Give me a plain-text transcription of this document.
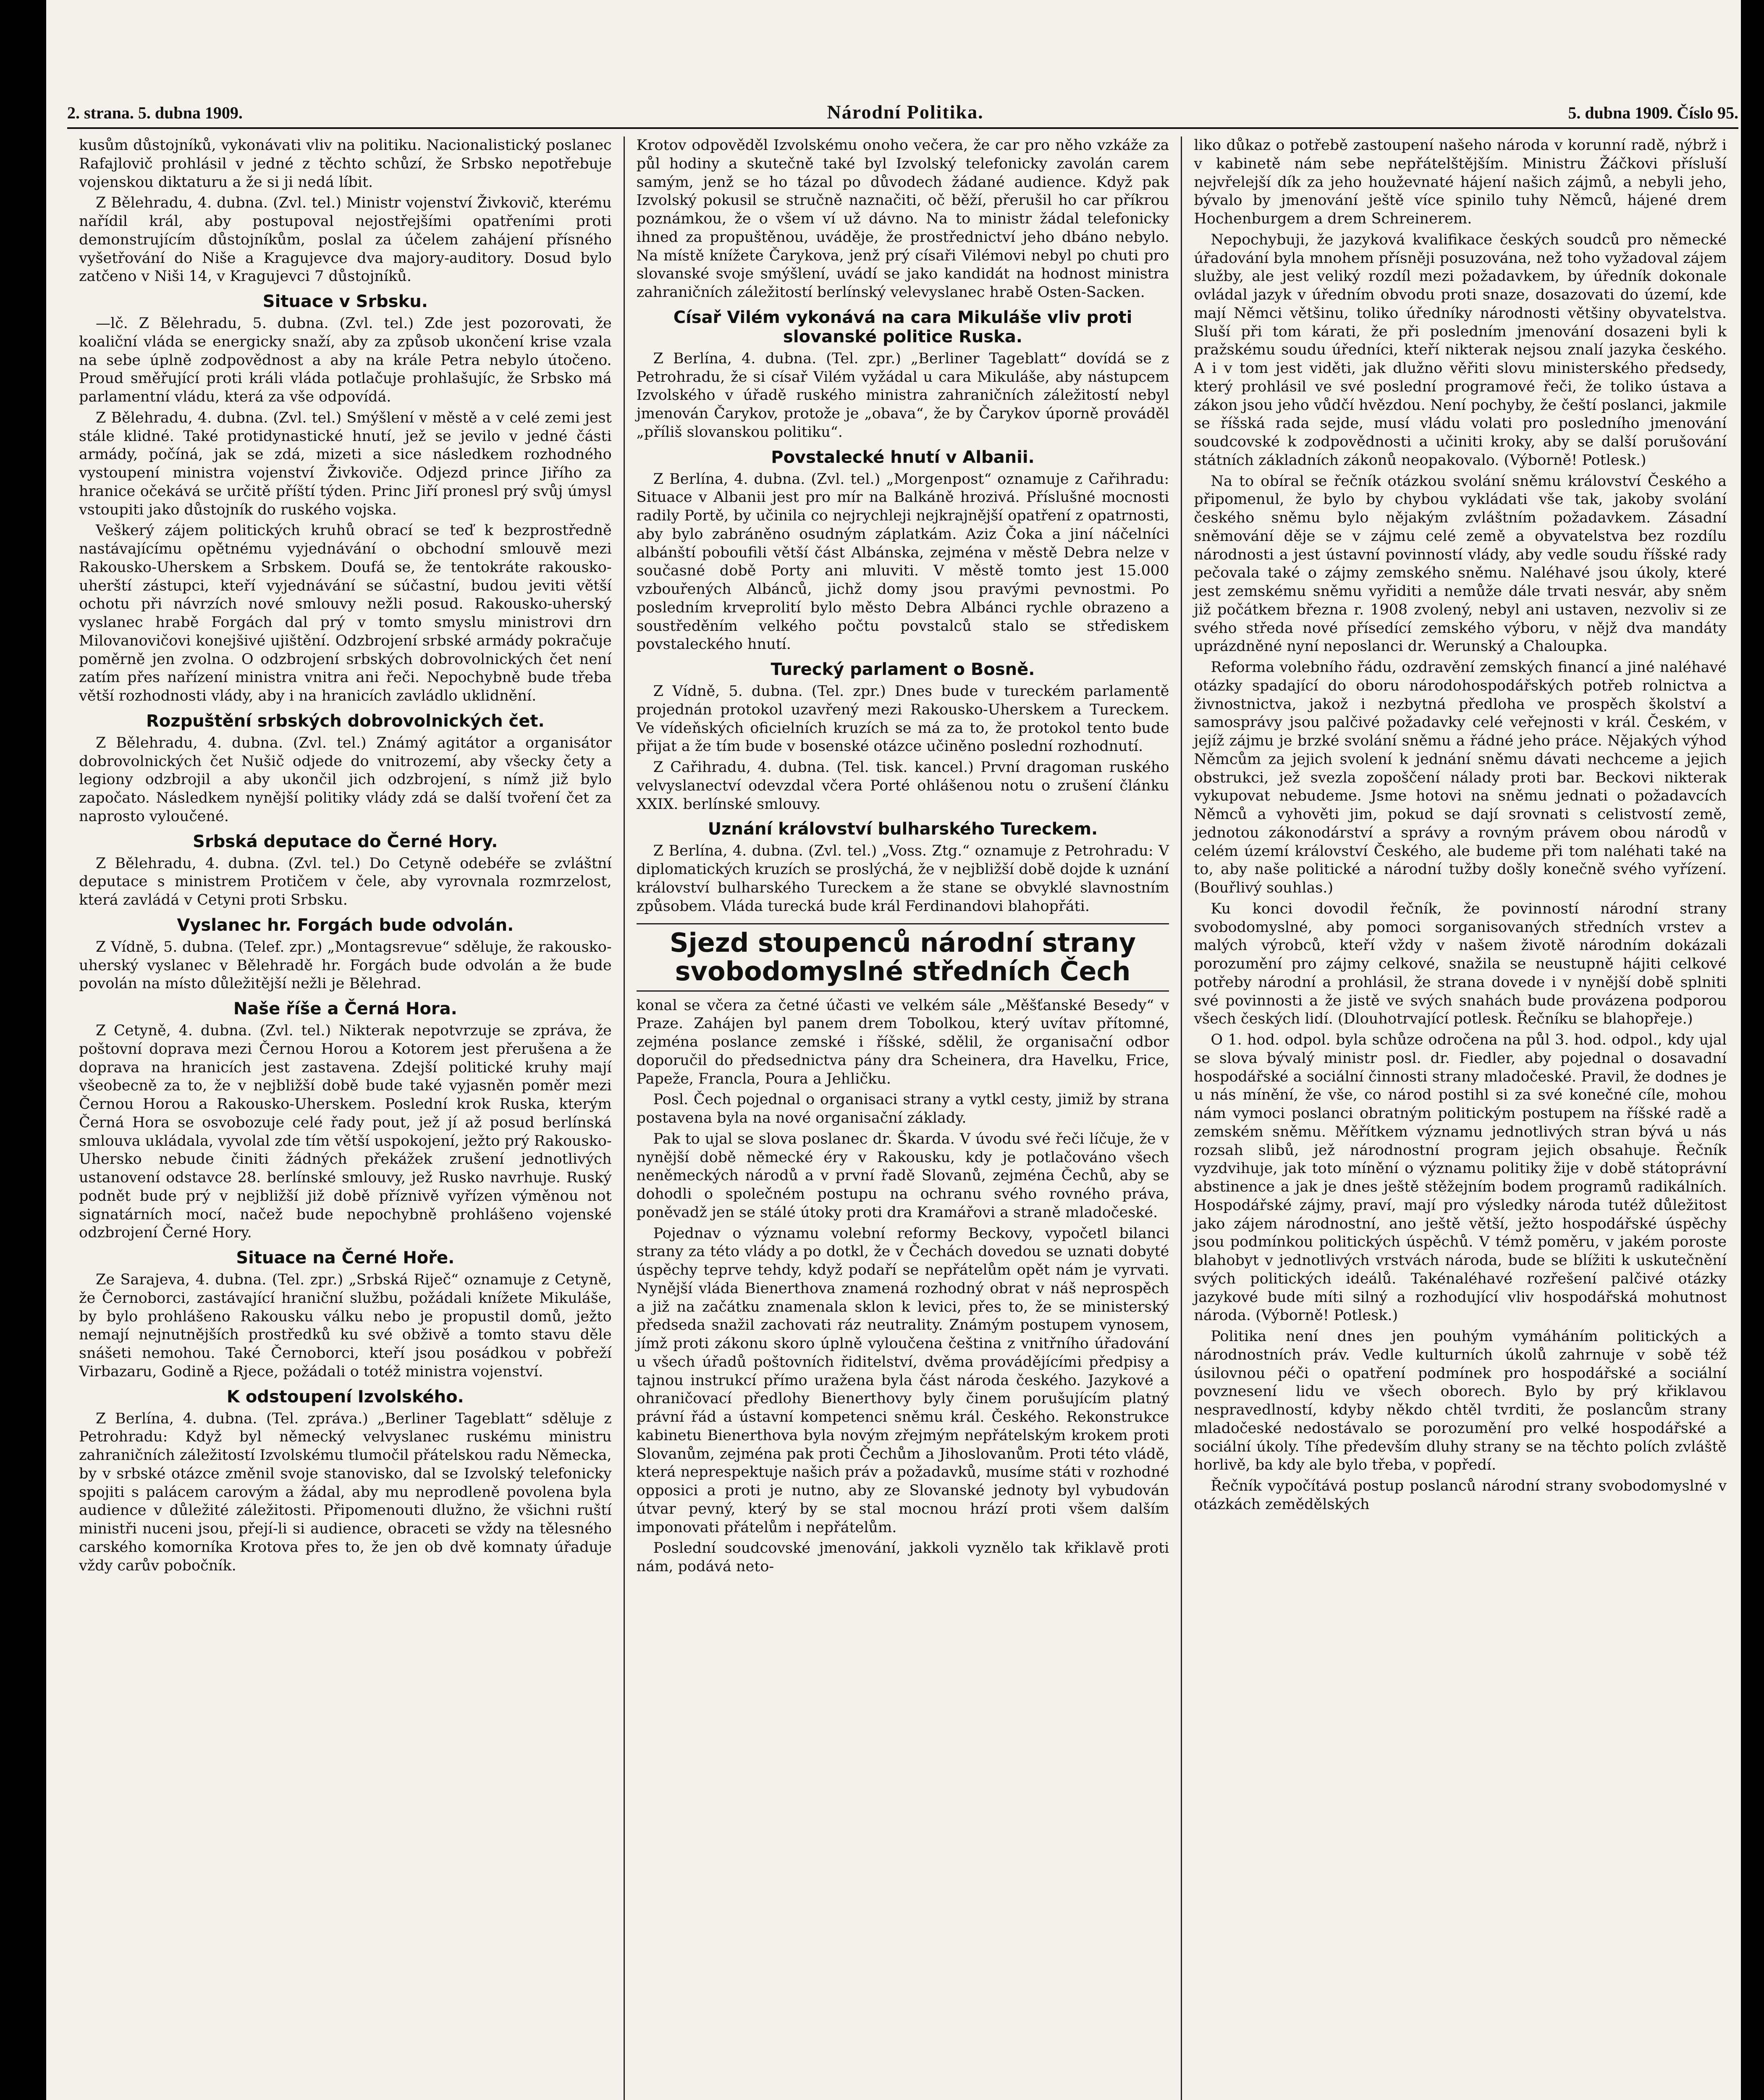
2. strana. 5. dubna 1909.	Národní Politika.	5. dubna 1909. Číslo 95.

kusům důstojníků, vykonávati vliv na politiku. Nacionalistický poslanec Rafajlovič prohlásil v jedné z těchto schůzí, že Srbsko nepotřebuje vojenskou diktaturu a že si ji nedá líbit.

Z Bělehradu, 4. dubna. (Zvl. tel.) Ministr vojenství Živkovič, kterému nařídil král, aby postupoval nejostřejšími opatřeními proti demonstrujícím důstojníkům, poslal za účelem zahájení přísného vyšetřování do Niše a Kragujevce dva majory-auditory. Dosud bylo zatčeno v Niši 14, v Kragujevci 7 důstojníků.

Situace v Srbsku.

—lč. Z Bělehradu, 5. dubna. (Zvl. tel.) Zde jest pozorovati, že koaliční vláda se energicky snaží, aby za způsob ukončení krise vzala na sebe úplně zodpovědnost a aby na krále Petra nebylo útočeno. Proud směřující proti králi vláda potlačuje prohlašujíc, že Srbsko má parlamentní vládu, která za vše odpovídá.

Z Bělehradu, 4. dubna. (Zvl. tel.) Smýšlení v městě a v celé zemi jest stále klidné. Také protidynastické hnutí, jež se jevilo v jedné části armády, počíná, jak se zdá, mizeti a sice následkem rozhodného vystoupení ministra vojenství Živkoviče. Odjezd prince Jiřího za hranice očekává se určitě příští týden. Princ Jiří pronesl prý svůj úmysl vstoupiti jako důstojník do ruského vojska.

Veškerý zájem politických kruhů obrací se teď k bezprostředně nastávajícímu opětnému vyjednávání o obchodní smlouvě mezi Rakousko-Uherskem a Srbskem. Doufá se, že tentokráte rakousko-uherští zástupci, kteří vyjednávání se súčastní, budou jeviti větší ochotu při návrzích nové smlouvy nežli posud. Rakousko-uherský vyslanec hrabě Forgách dal prý v tomto smyslu ministrovi drn Milovanovičovi konejšivé ujištění. Odzbrojení srbské armády pokračuje poměrně jen zvolna. O odzbrojení srbských dobrovolnických čet není zatím přes nařízení ministra vnitra ani řeči. Nepochybně bude třeba větší rozhodnosti vlády, aby i na hranicích zavládlo uklidnění.

Rozpuštění srbských dobrovolnických čet.

Z Bělehradu, 4. dubna. (Zvl. tel.) Známý agitátor a organisátor dobrovolnických čet Nušič odjede do vnitrozemí, aby všecky čety a legiony odzbrojil a aby ukončil jich odzbrojení, s nímž již bylo započato. Následkem nynější politiky vlády zdá se další tvoření čet za naprosto vyloučené.

Srbská deputace do Černé Hory.

Z Bělehradu, 4. dubna. (Zvl. tel.) Do Cetyně odebéře se zvláštní deputace s ministrem Protičem v čele, aby vyrovnala rozmrzelost, která zavládá v Cetyni proti Srbsku.

Vyslanec hr. Forgách bude odvolán.

Z Vídně, 5. dubna. (Telef. zpr.) „Montagsrevue“ sděluje, že rakousko-uherský vyslanec v Bělehradě hr. Forgách bude odvolán a že bude povolán na místo důležitější nežli je Bělehrad.

Naše říše a Černá Hora.

Z Cetyně, 4. dubna. (Zvl. tel.) Nikterak nepotvrzuje se zpráva, že poštovní doprava mezi Černou Horou a Kotorem jest přerušena a že doprava na hranicích jest zastavena. Zdejší politické kruhy mají všeobecně za to, že v nejbližší době bude také vyjasněn poměr mezi Černou Horou a Rakousko-Uherskem. Poslední krok Ruska, kterým Černá Hora se osvobozuje celé řady pout, jež jí až posud berlínská smlouva ukládala, vyvolal zde tím větší uspokojení, ježto prý Rakousko-Uhersko nebude činiti žádných překážek zrušení jednotlivých ustanovení odstavce 28. berlínské smlouvy, jež Rusko navrhuje. Ruský podnět bude prý v nejbližší již době příznivě vyřízen výměnou not signatárních mocí, načež bude nepochybně prohlášeno vojenské odzbrojení Černé Hory.

Situace na Černé Hoře.

Ze Sarajeva, 4. dubna. (Tel. zpr.) „Srbská Riječ“ oznamuje z Cetyně, že Černoborci, zastávající hraniční službu, požádali knížete Mikuláše, by bylo prohlášeno Rakousku válku nebo je propustil domů, ježto nemají nejnutnějších prostředků ku své obživě a tomto stavu děle snášeti nemohou. Také Černoborci, kteří jsou posádkou v pobřeží Virbazaru, Godině a Rjece, požádali o totéž ministra vojenství.

K odstoupení Izvolského.

Z Berlína, 4. dubna. (Tel. zpráva.) „Berliner Tageblatt“ sděluje z Petrohradu: Když byl německý velvyslanec ruskému ministru zahraničních záležitostí Izvolskému tlumočil přátelskou radu Německa, by v srbské otázce změnil svoje stanovisko, dal se Izvolský telefonicky spojiti s palácem carovým a žádal, aby mu neprodleně povolena byla audience v důležité záležitosti. Připomenouti dlužno, že všichni ruští ministři nuceni jsou, přejí-li si audience, obraceti se vždy na tělesného carského komorníka Krotova přes to, že jen ob dvě komnaty úřaduje vždy carův pobočník.

Krotov odpověděl Izvolskému onoho večera, že car pro něho vzkáže za půl hodiny a skutečně také byl Izvolský telefonicky zavolán carem samým, jenž se ho tázal po důvodech žádané audience. Když pak Izvolský pokusil se stručně naznačiti, oč běží, přerušil ho car příkrou poznámkou, že o všem ví už dávno. Na to ministr žádal telefonicky ihned za propuštěnou, uváděje, že prostřednictví jeho dbáno nebylo. Na místě knížete Čarykova, jenž prý císaři Vilémovi nebyl po chuti pro slovanské svoje smýšlení, uvádí se jako kandidát na hodnost ministra zahraničních záležitostí berlínský velevyslanec hrabě Osten-Sacken.

Císař Vilém vykonává na cara Mikuláše vliv proti slovanské politice Ruska.

Z Berlína, 4. dubna. (Tel. zpr.) „Berliner Tageblatt“ dovídá se z Petrohradu, že si císař Vilém vyžádal u cara Mikuláše, aby nástupcem Izvolského v úřadě ruského ministra zahraničních záležitostí nebyl jmenován Čarykov, protože je „obava“, že by Čarykov úporně prováděl „příliš slovanskou politiku“.

Povstalecké hnutí v Albanii.

Z Berlína, 4. dubna. (Zvl. tel.) „Morgenpost“ oznamuje z Cařihradu: Situace v Albanii jest pro mír na Balkáně hrozivá. Příslušné mocnosti radily Portě, by učinila co nejrychleji nejkrajnější opatření z opatrnosti, aby bylo zabráněno osudným záplatkám. Aziz Čoka a jiní náčelníci albánští poboufili větší část Albánska, zejména v městě Debra nelze v současné době Porty ani mluviti. V městě tomto jest 15.000 vzbouřených Albánců, jichž domy jsou pravými pevnostmi. Po posledním krveprolití bylo město Debra Albánci rychle obrazeno a soustředěním velkého počtu povstalců stalo se střediskem povstaleckého hnutí.

Turecký parlament o Bosně.

Z Vídně, 5. dubna. (Tel. zpr.) Dnes bude v tureckém parlamentě projednán protokol uzavřený mezi Rakousko-Uherskem a Tureckem. Ve vídeňských oficielních kruzích se má za to, že protokol tento bude přijat a že tím bude v bosenské otázce učiněno poslední rozhodnutí.

Z Cařihradu, 4. dubna. (Tel. tisk. kancel.) První dragoman ruského velvyslanectví odevzdal včera Porté ohlášenou notu o zrušení článku XXIX. berlínské smlouvy.

Uznání království bulharského Tureckem.

Z Berlína, 4. dubna. (Zvl. tel.) „Voss. Ztg.“ oznamuje z Petrohradu: V diplomatických kruzích se proslýchá, že v nejbližší době dojde k uznání království bulharského Tureckem a že stane se obvyklé slavnostním způsobem. Vláda turecká bude král Ferdinandovi blahopřáti.

Sjezd stoupenců národní strany svobodomyslné středních Čech

konal se včera za četné účasti ve velkém sále „Měšťanské Besedy“ v Praze. Zahájen byl panem drem Tobolkou, který uvítav přítomné, zejména poslance zemské i říšské, sdělil, že organisační odbor doporučil do předsednictva pány drа Scheinera, dra Havelku, Frice, Papeže, Francla, Poura a Jehličku.

Posl. Čech pojednal o organisaci strany a vytkl cesty, jimiž by strana postavena byla na nové organisační základy.

Pak to ujal se slova poslanec dr. Škarda. V úvodu své řeči líčuje, že v nynější době německé éry v Rakousku, kdy je potlačováno všech neněmeckých národů a v první řadě Slovanů, zejména Čechů, aby se dohodli o společném postupu na ochranu svého rovného práva, poněvadž jen se stálé útoky proti dra Kramářovi a straně mladočeské.

Pojednav o významu volební reformy Beckovy, vypočetl bilanci strany za této vlády a po dotkl, že v Čechách dovedou se uznati dobyté úspěchy teprve tehdy, když podaří se nepřátelům opět nám je vyrvati. Nynější vláda Bienerthova znamená rozhodný obrat v náš neprospěch a již na začátku znamenala sklon k levici, přes to, že se ministerský předseda snažil zachovati ráz neutrality. Známým postupem vynosem, jímž proti zákonu skoro úplně vyloučena čeština z vnitřního úřadování u všech úřadů poštovních řiditelství, dvěma provádějícími předpisy a tajnou instrukcí přímo uražena byla část národa českého. Jazykové a ohraničovací předlohy Bienerthovy byly činem porušujícím platný právní řád a ústavní kompetenci sněmu král. Českého. Rekonstrukce kabinetu Bienerthova byla novým zřejmým nepřátelským krokem proti Slovanům, zejména pak proti Čechům a Jihoslovanům. Proti této vládě, která neprespektuje našich práv a požadavků, musíme státi v rozhodné opposici a proti je nutno, aby ze Slovanské jednoty byl vybudován útvar pevný, který by se stal mocnou hrází proti všem dalším imponovati přátelům i nepřátelům.

Poslední soudcovské jmenování, jakkoli vyznělo tak křiklavě proti nám, podává neto-

liko důkaz o potřebě zastoupení našeho národa v korunní radě, nýbrž i v kabinetě nám sebe nepřátelštějším. Ministru Žáčkovi přísluší nejvřelejší dík za jeho houževnaté hájení našich zájmů, a nebyli jeho, bývalo by jmenování ještě více spinilo tuhy Němců, hájené drem Hochenburgem a drem Schreinerem.

Nepochybuji, že jazyková kvalifikace českých soudců pro německé úřadování byla mnohem přísněji posuzována, než toho vyžadoval zájem služby, ale jest veliký rozdíl mezi požadavkem, by úředník dokonale ovládal jazyk v úředním obvodu proti snaze, dosazovati do území, kde mají Němci většinu, toliko úředníky národnosti většiny obyvatelstva. Sluší při tom kárati, že při posledním jmenování dosazeni byli k pražskému soudu úředníci, kteří nikterak nejsou znalí jazyka českého. A i v tom jest viděti, jak dlužno věřiti slovu ministerského předsedy, který prohlásil ve své poslední programové řeči, že toliko ústava a zákon jsou jeho vůdčí hvězdou. Není pochyby, že čeští poslanci, jakmile se říšská rada sejde, musí vládu volati pro posledního jmenování soudcovské k zodpovědnosti a učiniti kroky, aby se další porušování státních základních zákonů neopakovalo. (Výborně! Potlesk.)

Na to obíral se řečník otázkou svolání sněmu království Českého a připomenul, že bylo by chybou vykládati vše tak, jakoby svolání českého sněmu bylo nějakým zvláštním požadavkem. Zásadní sněmování děje se v zájmu celé země a obyvatelstva bez rozdílu národnosti a jest ústavní povinností vlády, aby vedle soudu říšské rady pečovala také o zájmy zemského sněmu. Naléhavé jsou úkoly, které jest zemskému sněmu vyřiditi a nemůže dále trvati nesvár, aby sněm již počátkem března r. 1908 zvolený, nebyl ani ustaven, nezvoliv si ze svého středa nové přísedící zemského výboru, v nějž dva mandáty uprázdněné nyní neposlanci dr. Werunský a Chaloupka.

Reforma volebního řádu, ozdravění zemských financí a jiné naléhavé otázky spadající do oboru národohospodářských potřeb rolnictva a živnostnictva, jakož i nezbytná předloha ve prospěch školství a samosprávy jsou palčivé požadavky celé veřejnosti v král. Českém, v jejíž zájmu je brzké svolání sněmu a řádné jeho práce. Nějakých výhod Němcům za jejich svolení k jednání sněmu dávati nechceme a jejich obstrukci, jež svezla zopoščení náladу proti bar. Beckovi nikterak vykupovat nebudeme. Jsme hotovi na sněmu jednati o požadavcích Němců a vyhověti jim, pokud se dají srovnati s celistvostí země, jednotou zákonodárství a správy a rovným právem obou národů v celém území království Českého, ale budeme při tom naléhati také na to, aby naše politické a národní tužby došly konečně svého vyřízení. (Bouřlivý souhlas.)

Ku konci dovodil řečník, že povinností národní strany svobodomyslné, aby pomoci sorganisovaných středních vrstev a malých výrobců, kteří vždy v našem životě národním dokázali porozumění pro zájmy celkové, snažila se neustupně hájiti celkové potřeby národní a prohlásil, že strana dovede i v nynější době splniti své povinnosti a že jistě ve svých snahách bude provázena podporou všech českých lidí. (Dlouhotrvající potlesk. Řečníku se blahopřeje.)

O 1. hod. odpol. byla schůze odročena na půl 3. hod. odpol., kdy ujal se slova bývalý ministr posl. dr. Fiedler, aby pojednal o dosavadní hospodářské a sociální činnosti strany mladočeské. Pravil, že dodnes je u nás mínění, že vše, co národ postihl si za své konečné cíle, mohou nám vymoci poslanci obratným politickým postupem na říšské radě a zemském sněmu. Měřítkem významu jednotlivých stran bývá u nás rozsah slibů, jež národnostní program jejich obsahuje. Řečník vyzdvihuje, jak toto mínění o významu politiky žije v době státoprávní abstinence a jak je dnes ještě stěžejním bodem programů radikálních. Hospodářské zájmy, praví, mají pro výsledky národa tutéž důležitost jako zájem národnostní, ano ještě větší, ježto hospodářské úspěchy jsou podmínkou politických úspěchů. V témž poměru, v jakém poroste blahobyt v jednotlivých vrstvách národa, bude se blížiti k uskutečnění svých politických ideálů. Takénaléhavé rozřešení palčivé otázky jazykové bude míti silný a rozhodující vliv hospodářská mohutnost národa. (Výborně! Potlesk.)

Politika není dnes jen pouhým vymáháním politických a národnostních práv. Vedle kulturních úkolů zahrnuje v sobě též úsilovnou péči o opatření podmínek pro hospodářské a sociální povznesení lidu ve všech oborech. Bylo by prý křiklavou nespravedlností, kdyby někdo chtěl tvrditi, že poslancům strany mladočeské nedostávalo se porozumění pro velké hospodářské a sociální úkoly. Tíhe především dluhy strany se na těchto polích zvláště horlivě, ba kdy ale bylo třeba, v popředí.

Řečník vypočítává postup poslanců národní strany svobodomyslné v otázkách zemědělských
